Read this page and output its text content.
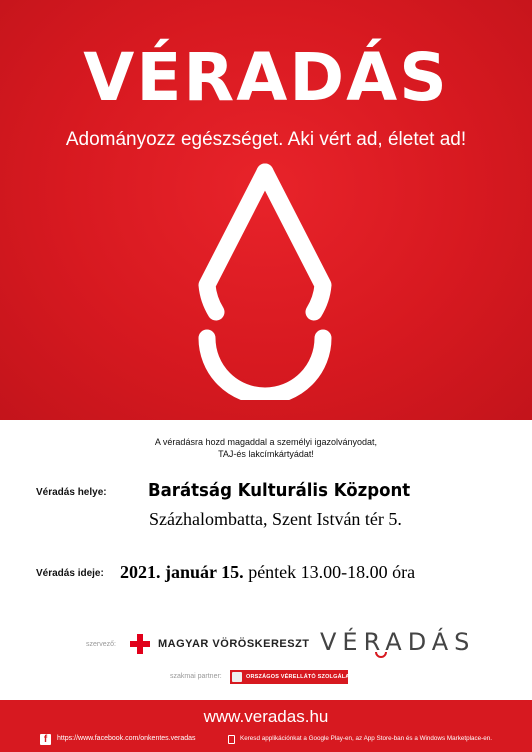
VÉRADÁS
Adományozz egészséget. Aki vért ad, életet ad!
A véradásra hozd magaddal a személyi igazolványodat,
TAJ-és lakcímkártyádat!
Véradás helye: Barátság Kulturális Központ
Százhalombatta, Szent István tér 5.
Véradás ideje: 2021. január 15. péntek 13.00-18.00 óra
szervező:	MAGYAR VÖRÖSKERESZT VÉRADÁS
szakmai partner:	ORSZÁGOS VÉRELLÁTÓ SZOLGÁLAT
www.veradas.hu
f	https://www.facebook.com/onkentes.veradas	Keresd applikációnkat a Google Play-en, az App Store-ban és a Windows Marketplace-en.
